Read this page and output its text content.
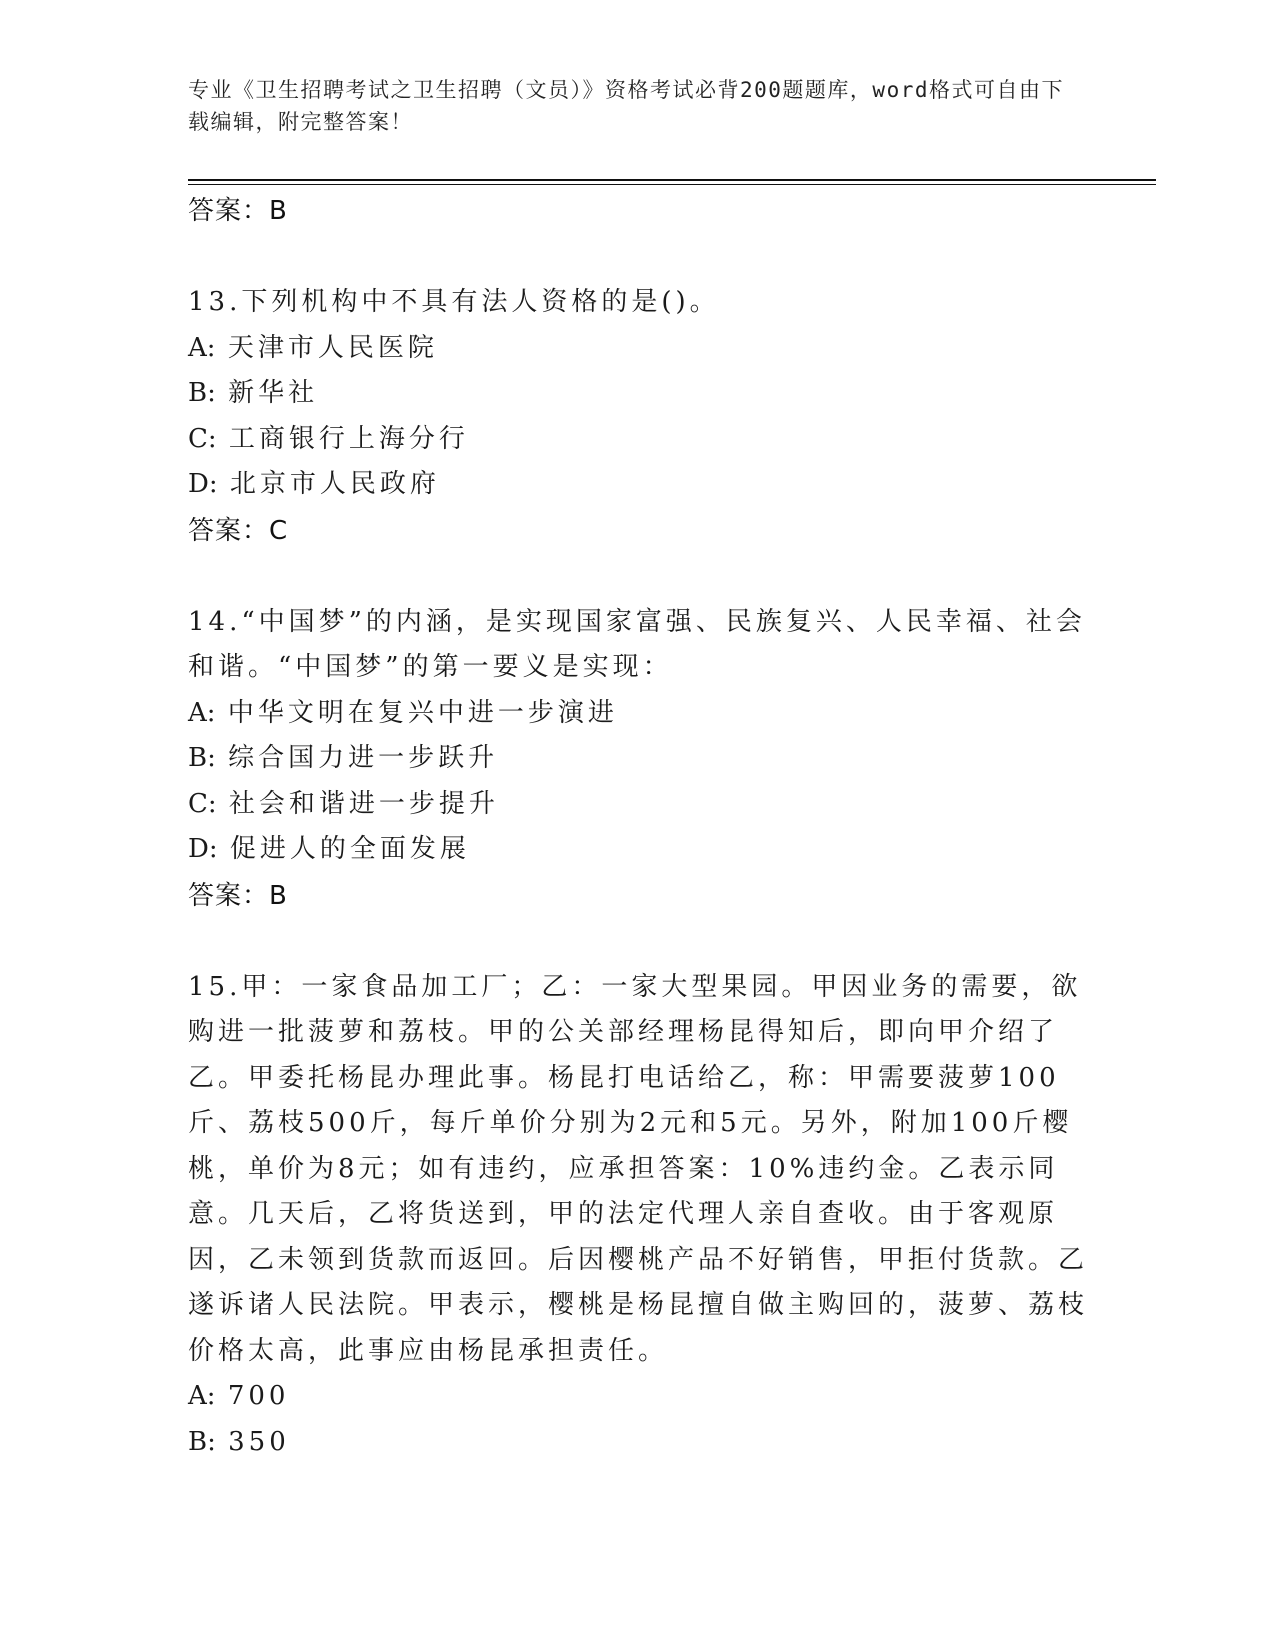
专业《卫生招聘考试之卫生招聘（文员）》资格考试必背200题题库，word格式可自由下载编辑，附完整答案！
答案：B
13.下列机构中不具有法人资格的是()。
A: 天津市人民医院
B: 新华社
C: 工商银行上海分行
D: 北京市人民政府
答案：C
14.“中国梦”的内涵，是实现国家富强、民族复兴、人民幸福、社会和谐。“中国梦”的第一要义是实现：
A: 中华文明在复兴中进一步演进
B: 综合国力进一步跃升
C: 社会和谐进一步提升
D: 促进人的全面发展
答案：B
15.甲：一家食品加工厂；乙：一家大型果园。甲因业务的需要，欲购进一批菠萝和荔枝。甲的公关部经理杨昆得知后，即向甲介绍了乙。甲委托杨昆办理此事。杨昆打电话给乙，称：甲需要菠萝100斤、荔枝500斤，每斤单价分别为2元和5元。另外，附加100斤樱桃，单价为8元；如有违约，应承担答案：10%违约金。乙表示同意。几天后，乙将货送到，甲的法定代理人亲自查收。由于客观原因，乙未领到货款而返回。后因樱桃产品不好销售，甲拒付货款。乙遂诉诸人民法院。甲表示，樱桃是杨昆擅自做主购回的，菠萝、荔枝价格太高，此事应由杨昆承担责任。
A: 700
B: 350
